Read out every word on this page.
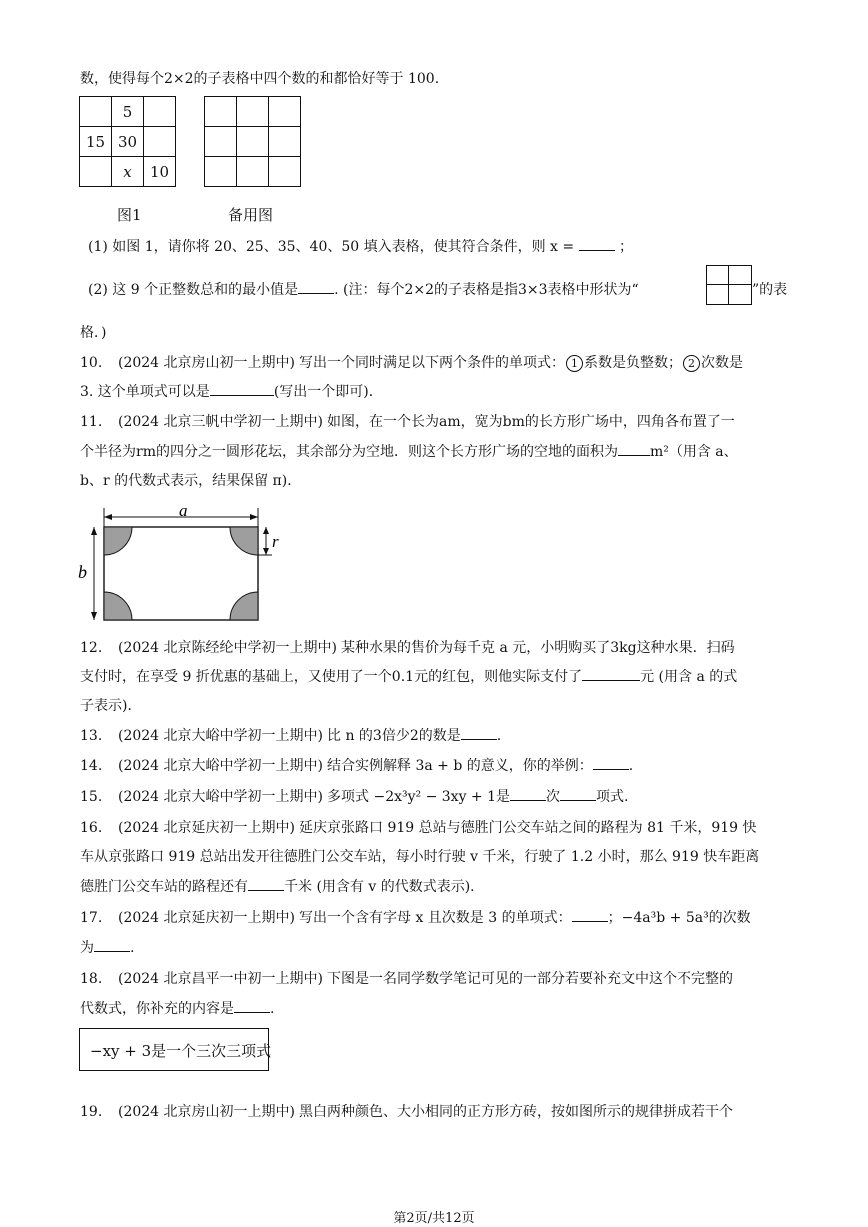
数，使得每个2×2的子表格中四个数的和都恰好等于 100.
	5	
15	30	
	x	10
图1

			备用图
(1) 如图 1，请你将 20、25、35、40、50 填入表格，使其符合条件，则 x =	；
(2) 这 9 个正整数总和的最小值是	. (注：每个2×2的子表格是指3×3表格中形状为“	”的表
格．)
10. (2024 北京房山初一上期中) 写出一个同时满足以下两个条件的单项式： 1 系数是负整数； 2 次数是
3. 这个单项式可以是	(写出一个即可)．
11. (2024 北京三帆中学初一上期中) 如图，在一个长为am，宽为bm的长方形广场中，四角各布置了一
个半径为rm的四分之一圆形花坛，其余部分为空地．则这个长方形广场的空地的面积为 m²（用含 a、
b、r 的代数式表示，结果保留 π)．
a
b
r
12. (2024 北京陈经纶中学初一上期中) 某种水果的售价为每千克 a 元，小明购买了3kg这种水果．扫码
支付时，在享受 9 折优惠的基础上，又使用了一个0.1元的红包，则他实际支付了	元 (用含 a 的式
子表示)．
13. (2024 北京大峪中学初一上期中) 比 n 的3倍少2的数是	.
14. (2024 北京大峪中学初一上期中) 结合实例解释 3a + b 的意义，你的举例：	.
15. (2024 北京大峪中学初一上期中) 多项式 −2x³y² − 3xy + 1是	次	项式.
16. (2024 北京延庆初一上期中) 延庆京张路口 919 总站与德胜门公交车站之间的路程为 81 千米，919 快
车从京张路口 919 总站出发开往德胜门公交车站，每小时行驶 v 千米，行驶了 1.2 小时，那么 919 快车距离
德胜门公交车站的路程还有	千米 (用含有 v 的代数式表示)．
17. (2024 北京延庆初一上期中) 写出一个含有字母 x 且次数是 3 的单项式：	；−4a³b + 5a³的次数
为	.
18. (2024 北京昌平一中初一上期中) 下图是一名同学数学笔记可见的一部分若要补充文中这个不完整的
代数式，你补充的内容是	.
−xy + 3是一个三次三项式
19. (2024 北京房山初一上期中) 黑白两种颜色、大小相同的正方形方砖，按如图所示的规律拼成若干个
第2页/共12页
